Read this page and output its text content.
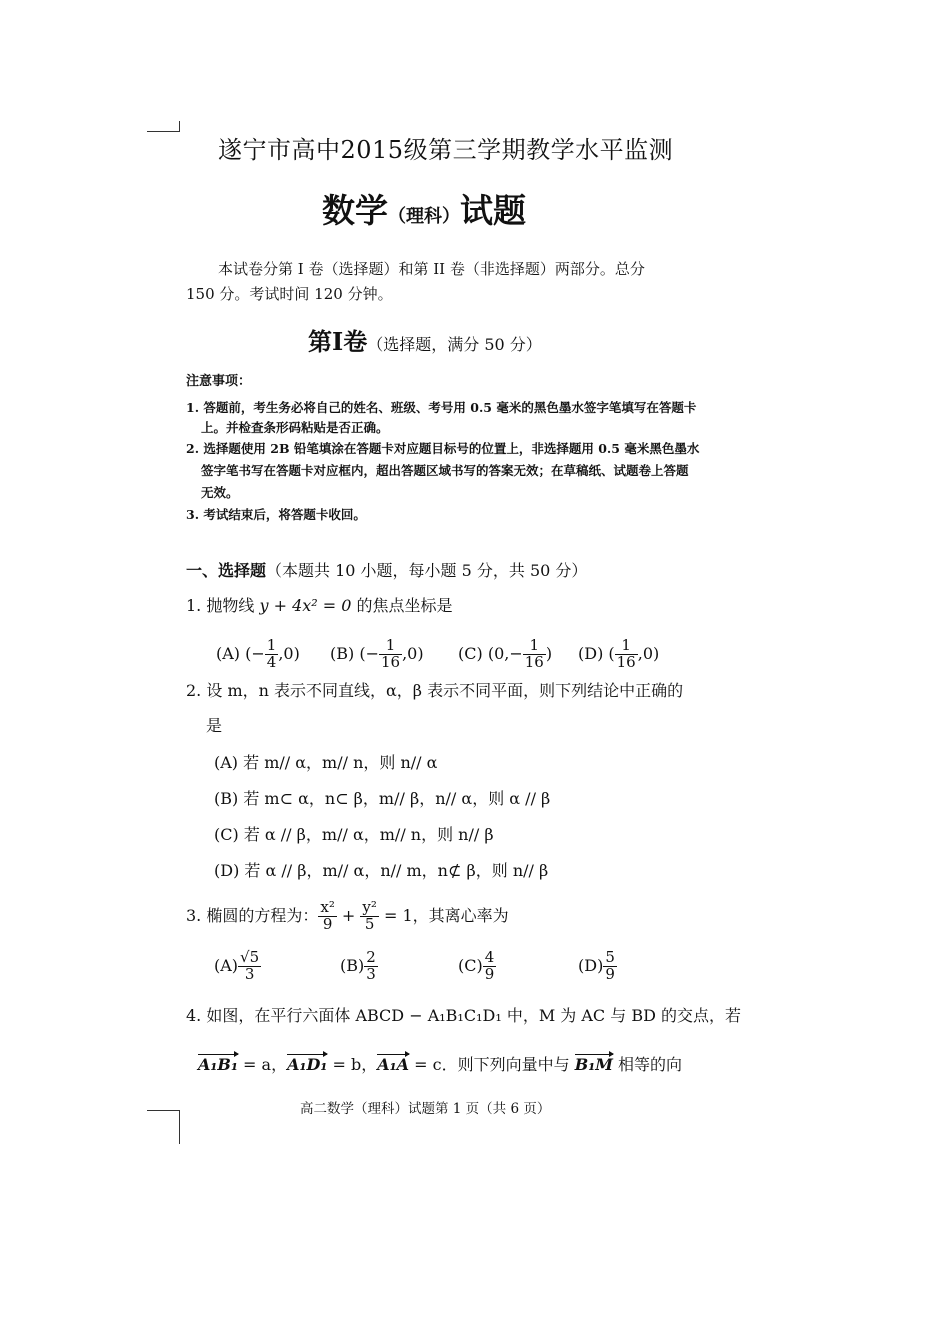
遂宁市高中2015级第三学期教学水平监测
数学（理科）试题
本试卷分第 I 卷（选择题）和第 II 卷（非选择题）两部分。总分
150 分。考试时间 120 分钟。
第Ⅰ卷（选择题，满分 50 分）
注意事项：
1. 答题前，考生务必将自己的姓名、班级、考号用 0.5 毫米的黑色墨水签字笔填写在答题卡
上。并检查条形码粘贴是否正确。
2. 选择题使用 2B 铅笔填涂在答题卡对应题目标号的位置上，非选择题用 0.5 毫米黑色墨水
签字笔书写在答题卡对应框内，超出答题区域书写的答案无效；在草稿纸、试题卷上答题
无效。
3. 考试结束后，将答题卡收回。
一、选择题（本题共 10 小题，每小题 5 分，共 50 分）
1. 抛物线 y + 4x² = 0 的焦点坐标是
(A) (− $\frac{1}{4} ,0$) (B) (− $\frac{1}{16} ,0$) (C) ($0,- \frac{1}{16}$ ) (D) ( $\frac{1}{16} ,0$)
2. 设 m，n 表示不同直线，α，β 表示不同平面，则下列结论中正确的
是
(A) 若 m// α，m// n，则 n// α
(B) 若 m⊂ α，n⊂ β，m// β，n// α，则 α // β
(C) 若 α // β，m// α，m// n，则 n// β
(D) 若 α // β，m// α，n// m，n⊄ β，则 n// β
3. 椭圆的方程为： $\frac{\text{x²}}{9} + \frac{\text{y²}}{5} = 1$，其离心率为
$(A) \frac{√5}{3}$	$(B) \frac{2}{3}$	$(C) \frac{4}{9}$	$(D) \frac{5}{9}$
4. 如图，在平行六面体 ABCD − A₁B₁C₁D₁ 中，M 为 AC 与 BD 的交点，若
A₁B₁ = a，A₁D₁ = b，A₁A = c．则下列向量中与 B₁M 相等的向
高二数学（理科）试题第 1 页（共 6 页）
